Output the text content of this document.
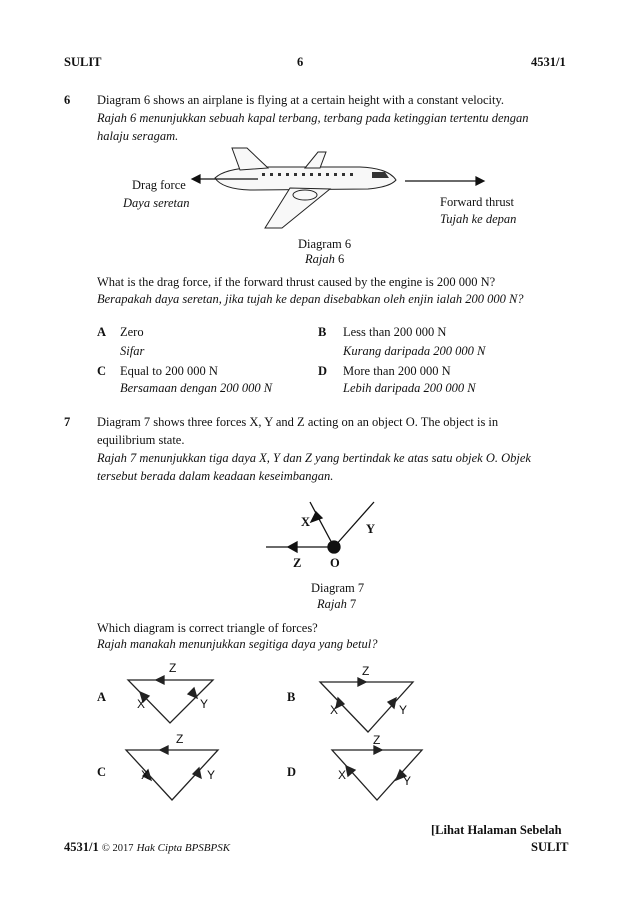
SULIT	6	4531/1
6 Diagram 6 shows an airplane is flying at a certain height with a constant velocity.
Rajah 6 menunjukkan sebuah kapal terbang, terbang pada ketinggian tertentu dengan
halaju seragam.
Drag force
Daya seretan	Forward thrust
Tujah ke depan
Diagram 6
Rajah 6
What is the drag force, if the forward thrust caused by the engine is 200 000 N?
Berapakah daya seretan, jika tujah ke depan disebabkan oleh enjin ialah 200 000 N?
A Zero
Sifar
B Less than 200 000 N
Kurang daripada 200 000 N
C Equal to 200 000 N
Bersamaan dengan 200 000 N
D More than 200 000 N
Lebih daripada 200 000 N
7 Diagram 7 shows three forces X, Y and Z acting on an object O. The object is in
equilibrium state.
Rajah 7 menunjukkan tiga daya X, Y dan Z yang bertindak ke atas satu objek O. Objek
tersebut berada dalam keadaan keseimbangan.
X	Y
Z O
Diagram 7
Rajah 7
Which diagram is correct triangle of forces?
Rajah manakah menunjukkan segitiga daya yang betul?
A
Z
X	Y	B
Z
X	Y
C
Z
X	Y	D
Z
X	Y
[Lihat Halaman Sebelah
4531/1 © 2017 Hak Cipta BPSBPSK	SULIT
